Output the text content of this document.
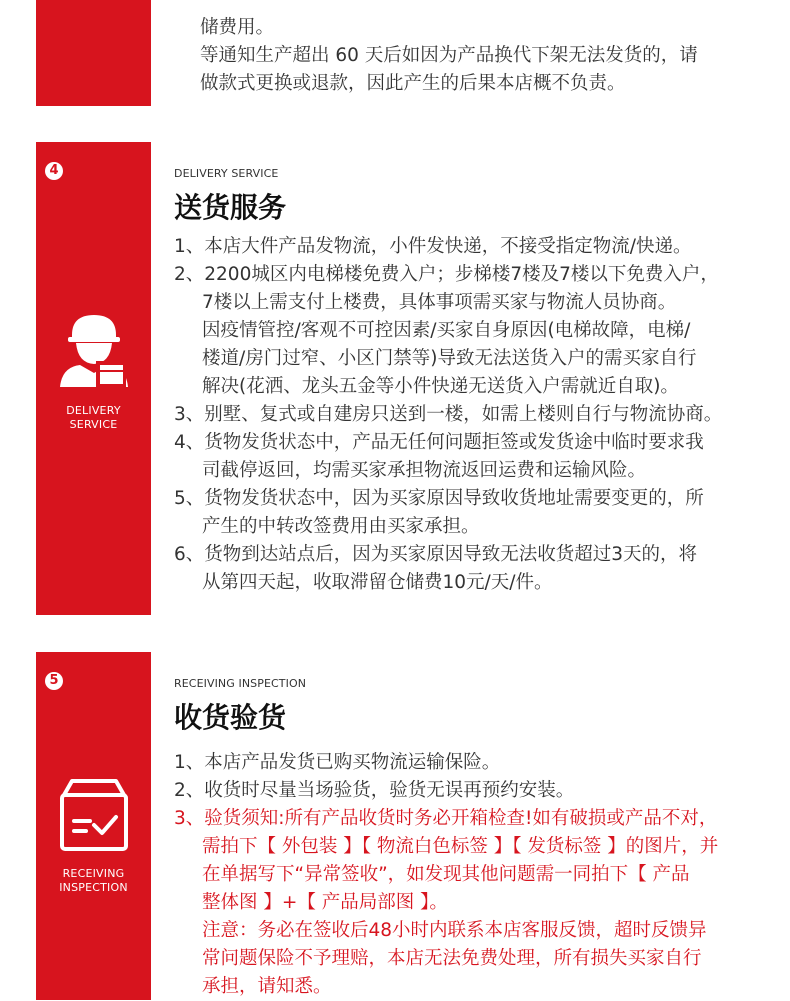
储费用。
等通知生产超出 60 天后如因为产品换代下架无法发货的，请
做款式更换或退款，因此产生的后果本店概不负责。
4
DELIVERY
SERVICE
DELIVERY SERVICE
送货服务
1、本店大件产品发物流，小件发快递，不接受指定物流/快递。
2、2200城区内电梯楼免费入户；步梯楼7楼及7楼以下免费入户，
7楼以上需支付上楼费，具体事项需买家与物流人员协商。
因疫情管控/客观不可控因素/买家自身原因(电梯故障，电梯/
楼道/房门过窄、小区门禁等)导致无法送货入户的需买家自行
解决(花洒、龙头五金等小件快递无送货入户需就近自取)。
3、别墅、复式或自建房只送到一楼，如需上楼则自行与物流协商。
4、货物发货状态中，产品无任何问题拒签或发货途中临时要求我
司截停返回，均需买家承担物流返回运费和运输风险。
5、货物发货状态中，因为买家原因导致收货地址需要变更的，所
产生的中转改签费用由买家承担。
6、货物到达站点后，因为买家原因导致无法收货超过3天的，将
从第四天起，收取滞留仓储费10元/天/件。
5
RECEIVING
INSPECTION
RECEIVING INSPECTION
收货验货
1、本店产品发货已购买物流运输保险。
2、收货时尽量当场验货，验货无误再预约安装。
3、验货须知:所有产品收货时务必开箱检查!如有破损或产品不对，
需拍下【 外包装 】【 物流白色标签 】【 发货标签 】的图片，并
在单据写下“异常签收”，如发现其他问题需一同拍下【 产品
整体图 】+【 产品局部图 】。
注意：务必在签收后48小时内联系本店客服反馈，超时反馈异
常问题保险不予理赔，本店无法免费处理，所有损失买家自行
承担，请知悉。
